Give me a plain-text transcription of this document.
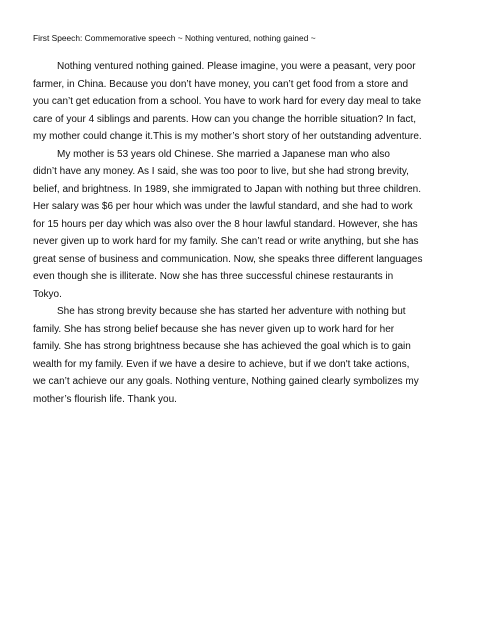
First Speech: Commemorative speech ~ Nothing ventured, nothing gained ~

Nothing ventured nothing gained. Please imagine, you were a peasant, very poor
farmer, in China. Because you don’t have money, you can’t get food from a store and
you can’t get education from a school. You have to work hard for every day meal to take
care of your 4 siblings and parents. How can you change the horrible situation? In fact,
my mother could change it.This is my mother’s short story of her outstanding adventure.

My mother is 53 years old Chinese. She married a Japanese man who also
didn’t have any money. As I said, she was too poor to live, but she had strong brevity,
belief, and brightness. In 1989, she immigrated to Japan with nothing but three children.
Her salary was $6 per hour which was under the lawful standard, and she had to work
for 15 hours per day which was also over the 8 hour lawful standard. However, she has
never given up to work hard for my family. She can’t read or write anything, but she has
great sense of business and communication. Now, she speaks three different languages
even though she is illiterate. Now she has three successful chinese restaurants in
Tokyo.

She has strong brevity because she has started her adventure with nothing but
family. She has strong belief because she has never given up to work hard for her
family. She has strong brightness because she has achieved the goal which is to gain
wealth for my family. Even if we have a desire to achieve, but if we don't take actions,
we can’t achieve our any goals. Nothing venture, Nothing gained clearly symbolizes my
mother’s flourish life. Thank you.
